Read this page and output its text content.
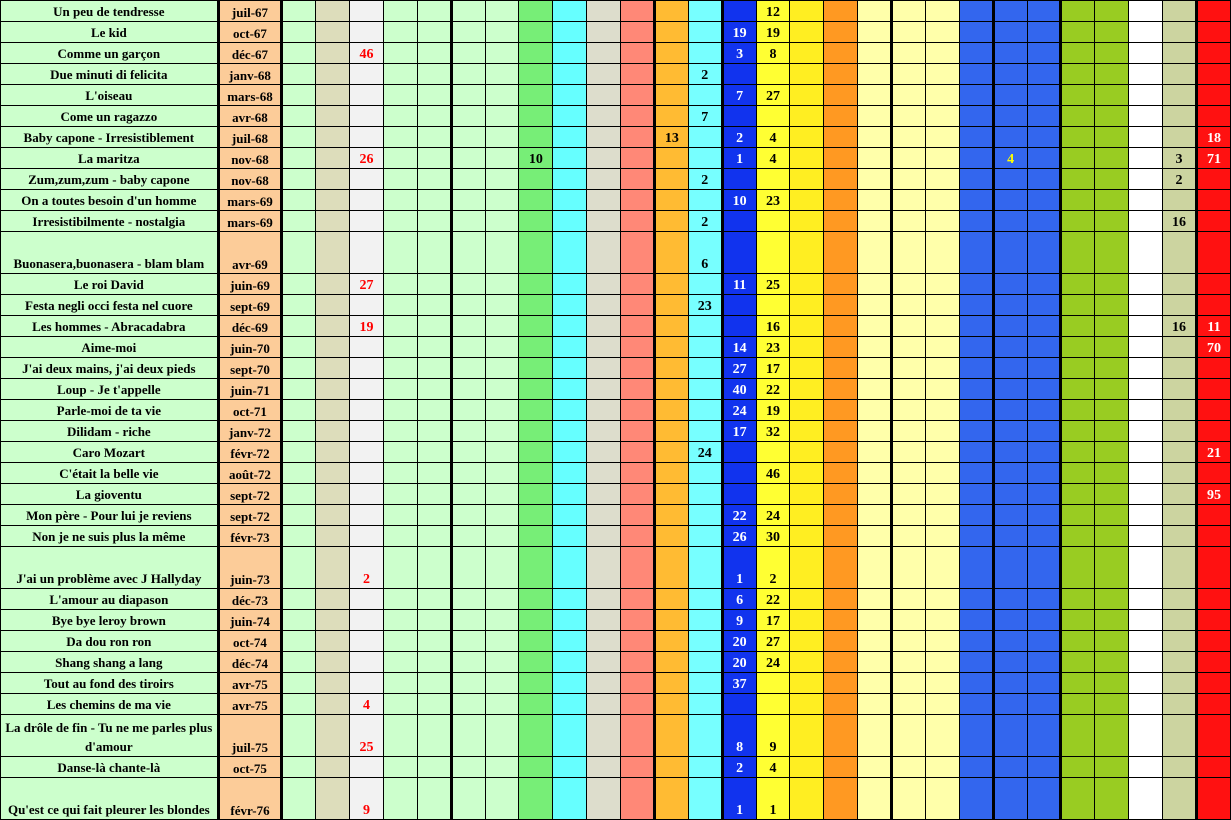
Un peu de tendresse	juil-67															12													
Le kid	oct-67														19	19													
Comme un garçon	déc-67			46											3	8													
Due minuti di felicita	janv-68													2															
L'oiseau	mars-68														7	27													
Come un ragazzo	avr-68													7															
Baby capone - Irresistiblement	juil-68												13		2	4													18
La maritza	nov-68			26					10						1	4							4					3	71
Zum,zum,zum - baby capone	nov-68													2														2	
On a toutes besoin d'un homme	mars-69														10	23													
Irresistibilmente - nostalgia	mars-69													2														16	
Buonasera,buonasera - blam blam	avr-69													6															
Le roi David	juin-69			27											11	25													
Festa negli occi festa nel cuore	sept-69													23															
Les hommes - Abracadabra	déc-69			19												16												16	11
Aime-moi	juin-70														14	23													70
J'ai deux mains, j'ai deux pieds	sept-70														27	17													
Loup - Je t'appelle	juin-71														40	22													
Parle-moi de ta vie	oct-71														24	19													
Dilidam - riche	janv-72														17	32													
Caro Mozart	févr-72													24															21
C'était la belle vie	août-72															46													
La gioventu	sept-72																												95
Mon père - Pour lui je reviens	sept-72														22	24													
Non je ne suis plus la même	févr-73														26	30													
J'ai un problème avec J Hallyday	juin-73			2											1	2													
L'amour au diapason	déc-73														6	22													
Bye bye leroy brown	juin-74														9	17													
Da dou ron ron	oct-74														20	27													
Shang shang a lang	déc-74														20	24													
Tout au fond des tiroirs	avr-75														37														
Les chemins de ma vie	avr-75			4																									
La drôle de fin - Tu ne me parles plus d'amour	juil-75			25											8	9													
Danse-là chante-là	oct-75														2	4													
Qu'est ce qui fait pleurer les blondes	févr-76			9											1	1													
